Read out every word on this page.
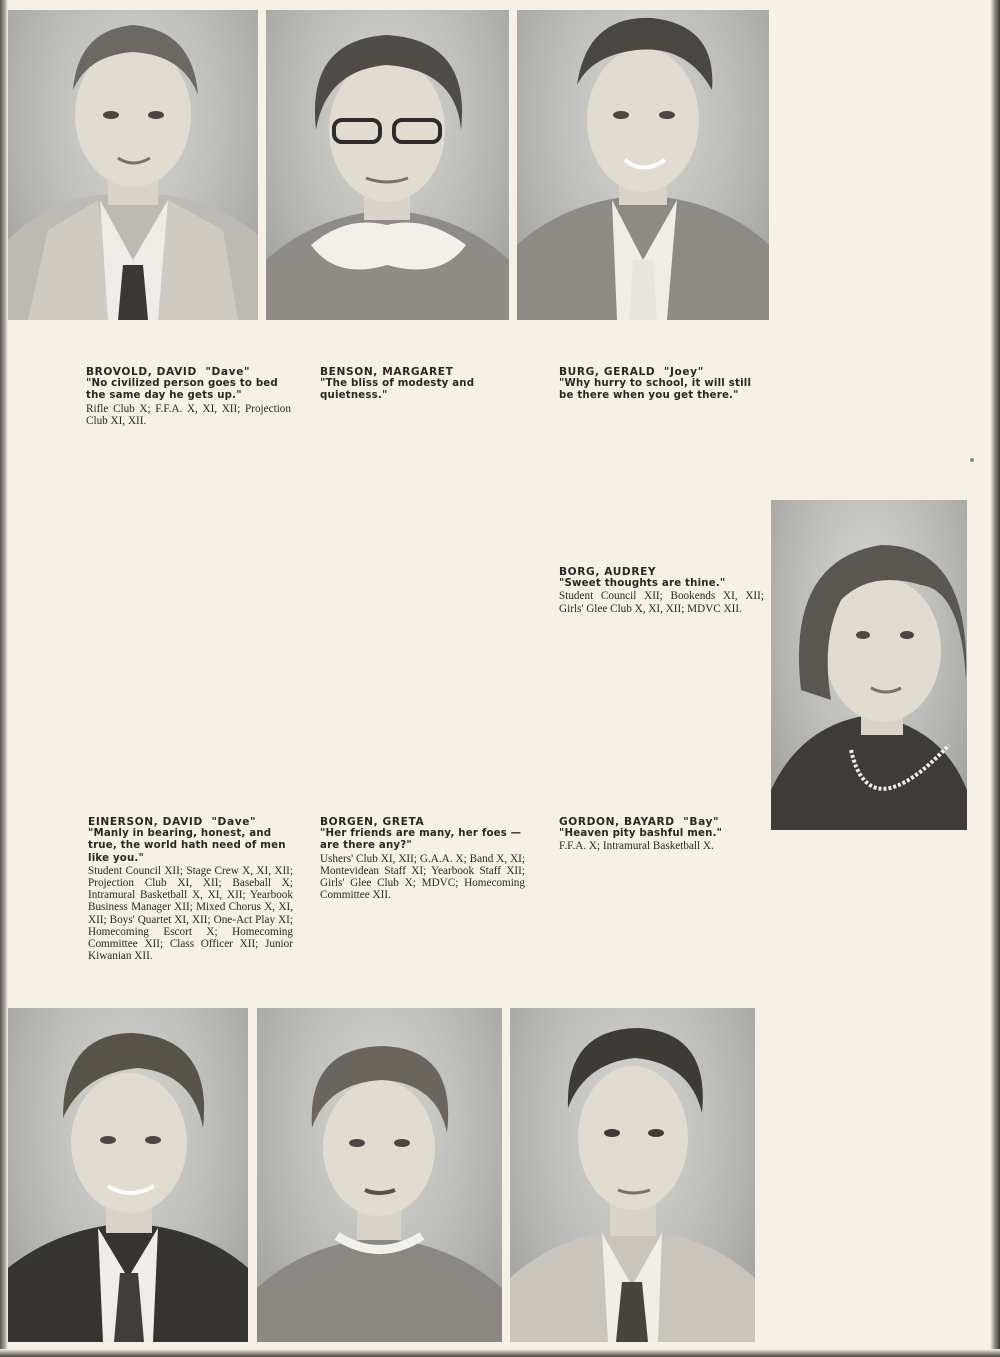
BROVOLD, DAVID "Dave"
"No civilized person goes to bed the same day he gets up."
Rifle Club X; F.F.A. X, XI, XII; Projection Club XI, XII.
BENSON, MARGARET
"The bliss of modesty and quietness."
BURG, GERALD "Joey"
"Why hurry to school, it will still be there when you get there."
BORG, AUDREY
"Sweet thoughts are thine."
Student Council XII; Bookends XI, XII; Girls' Glee Club X, XI, XII; MDVC XII.
EINERSON, DAVID "Dave"
"Manly in bearing, honest, and true, the world hath need of men like you."
Student Council XII; Stage Crew X, XI, XII; Projection Club XI, XII; Baseball X; Intramural Basketball X, XI, XII; Yearbook Business Manager XII; Mixed Chorus X, XI, XII; Boys' Quartet XI, XII; One-Act Play XI; Homecoming Escort X; Homecoming Committee XII; Class Officer XII; Junior Kiwanian XII.
BORGEN, GRETA
"Her friends are many, her foes —are there any?"
Ushers' Club XI, XII; G.A.A. X; Band X, XI; Montevidean Staff XI; Yearbook Staff XII; Girls' Glee Club X; MDVC; Homecoming Committee XII.
GORDON, BAYARD "Bay"
"Heaven pity bashful men."
F.F.A. X; Intramural Basketball X.
